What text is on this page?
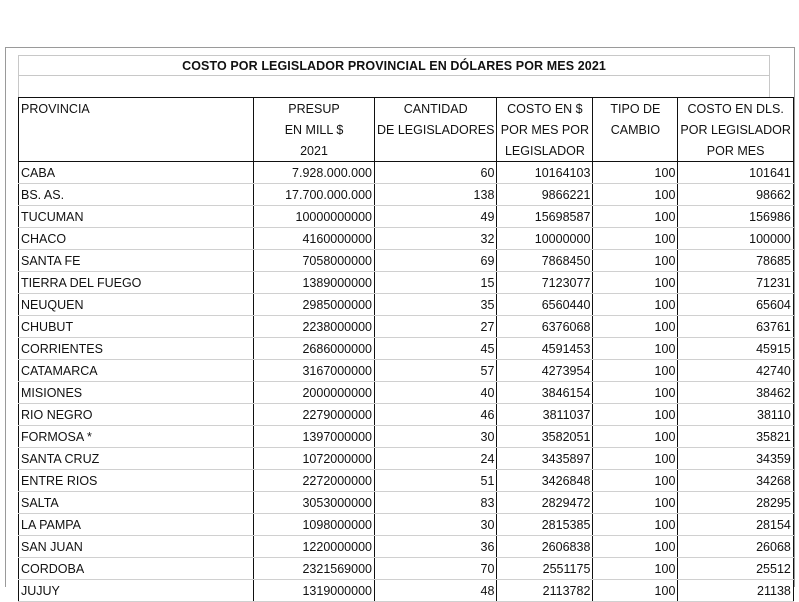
COSTO POR LEGISLADOR PROVINCIAL EN DÓLARES POR MES 2021
PROVINCIA	PRESUP	CANTIDAD	COSTO EN $	TIPO DE	COSTO EN DLS.
	EN MILL $	DE LEGISLADORES	POR MES POR	CAMBIO	POR LEGISLADOR
	2021		LEGISLADOR		POR MES
CABA	7.928.000.000	60	10164103	100	101641
BS. AS.	17.700.000.000	138	9866221	100	98662
TUCUMAN	10000000000	49	15698587	100	156986
CHACO	4160000000	32	10000000	100	100000
SANTA FE	7058000000	69	7868450	100	78685
TIERRA DEL FUEGO	1389000000	15	7123077	100	71231
NEUQUEN	2985000000	35	6560440	100	65604
CHUBUT	2238000000	27	6376068	100	63761
CORRIENTES	2686000000	45	4591453	100	45915
CATAMARCA	3167000000	57	4273954	100	42740
MISIONES	2000000000	40	3846154	100	38462
RIO NEGRO	2279000000	46	3811037	100	38110
FORMOSA *	1397000000	30	3582051	100	35821
SANTA CRUZ	1072000000	24	3435897	100	34359
ENTRE RIOS	2272000000	51	3426848	100	34268
SALTA	3053000000	83	2829472	100	28295
LA PAMPA	1098000000	30	2815385	100	28154
SAN JUAN	1220000000	36	2606838	100	26068
CORDOBA	2321569000	70	2551175	100	25512
JUJUY	1319000000	48	2113782	100	21138
